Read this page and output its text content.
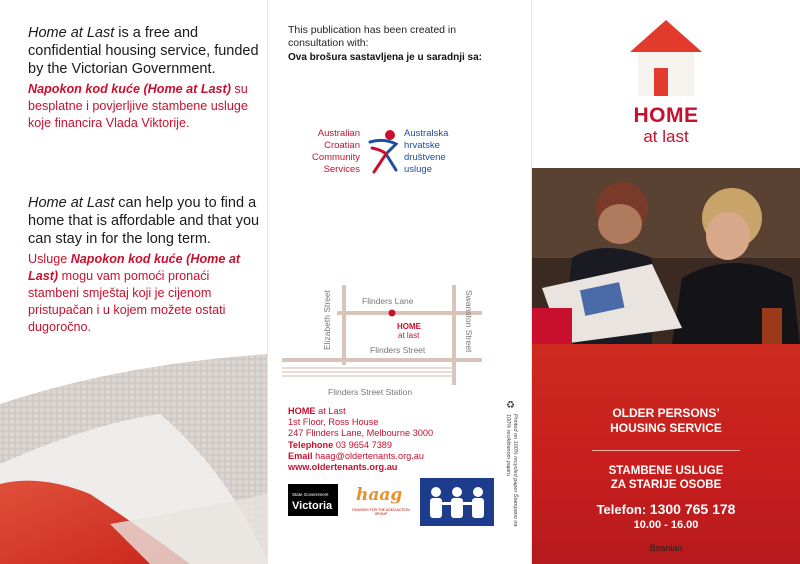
Home at Last is a free and confidential housing service, funded by the Victorian Government.

Napokon kod kuće (Home at Last) su besplatne i povjerljive stambene usluge koje financira Vlada Viktorije.

Home at Last can help you to find a home that is affordable and that you can stay in for the long term.

Usluge Napokon kod kuće (Home at Last) mogu vam pomoći pronaći stambeni smještaj koji je cijenom pristupačan i u kojem možete ostati dugoročno.

This publication has been created in consultation with:

Ova brošura sastavljena je u saradnji sa:

Australian
Croatian
Community
Services
Australska
hrvatske
društvene
usluge
Flinders Lane
Flinders Street
Flinders Street Station
Elizabeth Street	Swanston Street
HOME
at last
HOME at Last
1st Floor, Ross House
247 Flinders Lane, Melbourne 3000
Telephone 03 9654 7389
Email haag@oldertenants.org.au
www.oldertenants.org.au
State Government
Victoria
haag
HOUSING FOR THE AGED ACTION GROUP
♻
Printed on 100% recycled paper Štampano na 100% recikliranom papiru
HOME
at last
OLDER PERSONS’
HOUSING SERVICE
STAMBENE USLUGE
ZA STARIJE OSOBE
Telefon: 1300 765 178
10.00 - 16.00
Bosnian
